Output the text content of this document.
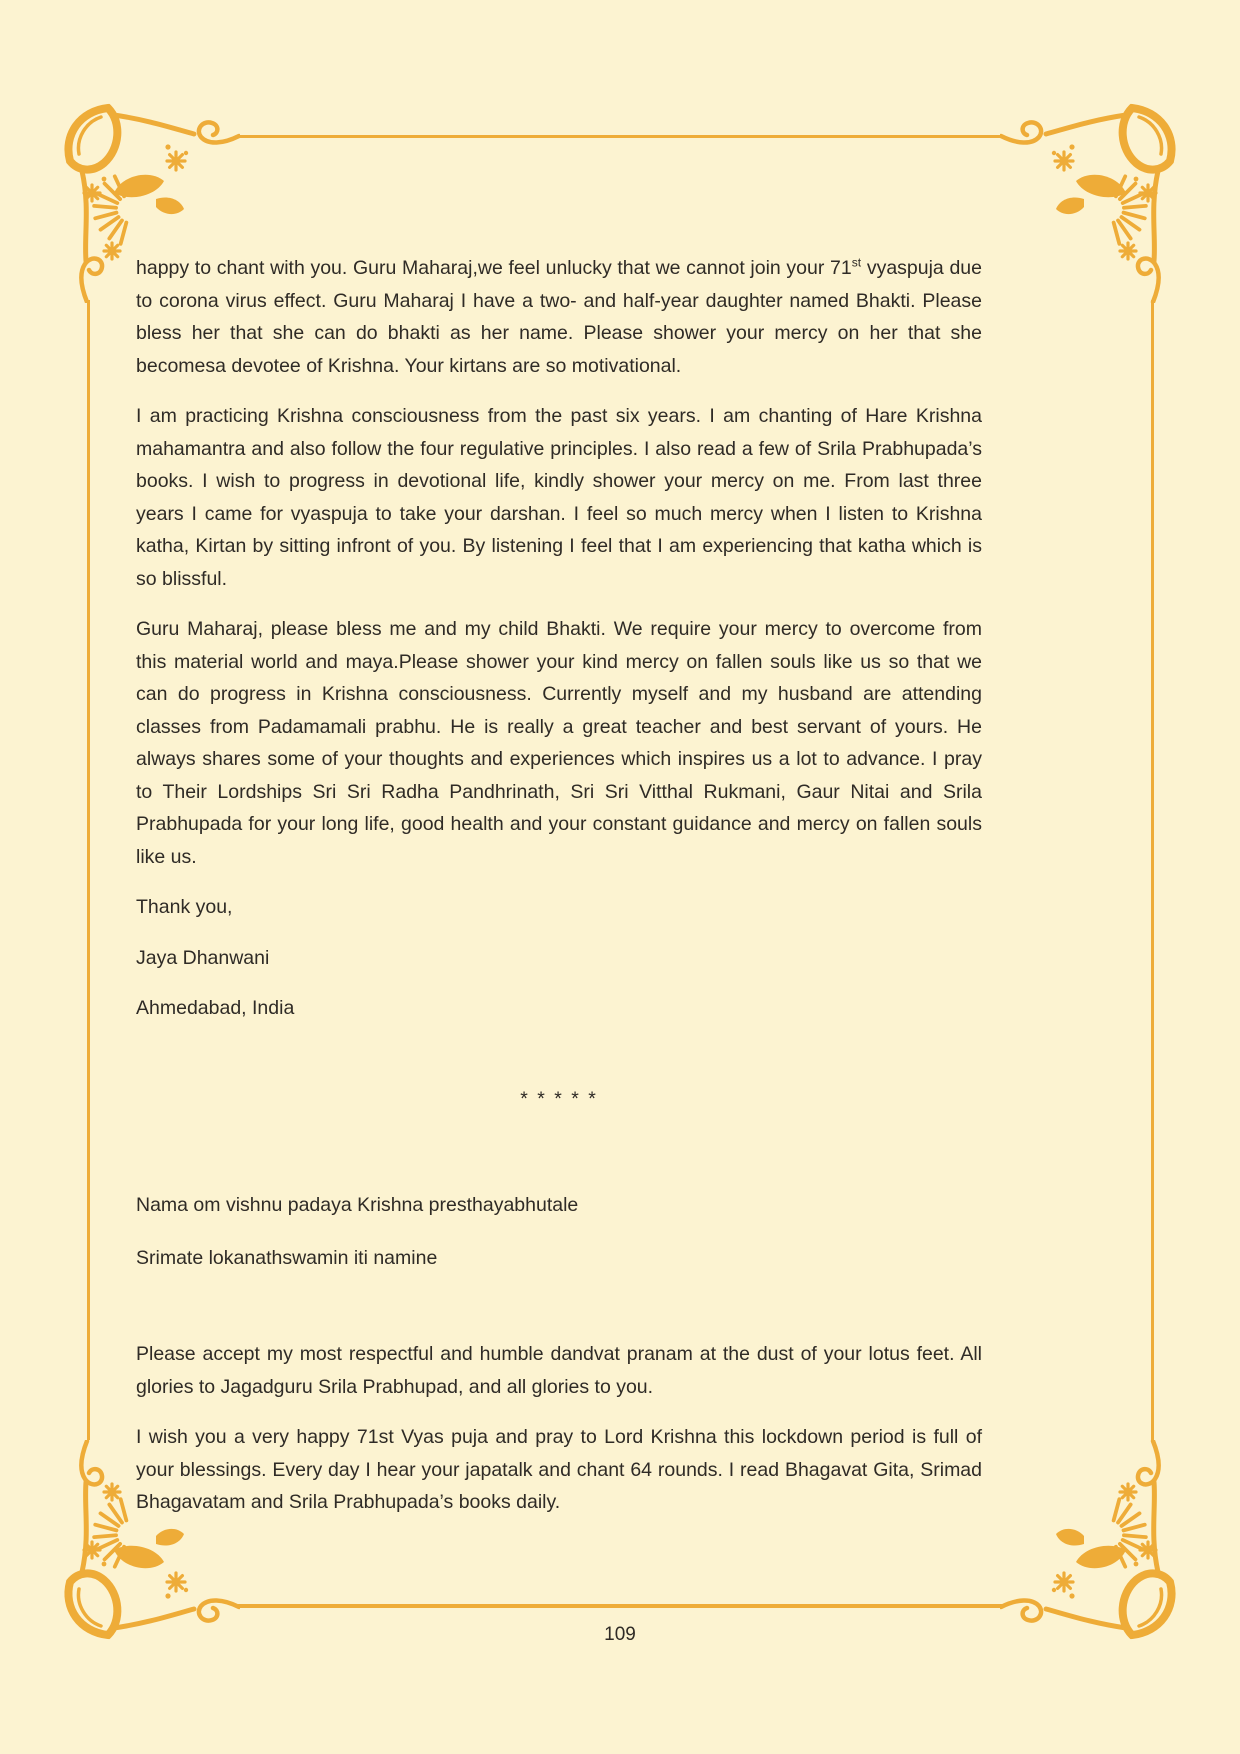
happy to chant with you. Guru Maharaj,we feel unlucky that we cannot join your 71st vyaspuja due to corona virus effect. Guru Maharaj I have a two- and half-year daughter named Bhakti. Please bless her that she can do bhakti as her name. Please shower your mercy on her that she becomesa devotee of Krishna. Your kirtans are so motivational.

I am practicing Krishna consciousness from the past six years. I am chanting of Hare Krishna mahamantra and also follow the four regulative principles. I also read a few of Srila Prabhupada’s books. I wish to progress in devotional life, kindly shower your mercy on me. From last three years I came for vyaspuja to take your darshan. I feel so much mercy when I listen to Krishna katha, Kirtan by sitting infront of you. By listening I feel that I am experiencing that katha which is so blissful.

Guru Maharaj, please bless me and my child Bhakti. We require your mercy to overcome from this material world and maya.Please shower your kind mercy on fallen souls like us so that we can do progress in Krishna consciousness. Currently myself and my husband are attending classes from Padamamali prabhu. He is really a great teacher and best servant of yours. He always shares some of your thoughts and experiences which inspires us a lot to advance. I pray to Their Lordships Sri Sri Radha Pandhrinath, Sri Sri Vitthal Rukmani, Gaur Nitai and Srila Prabhupada for your long life, good health and your constant guidance and mercy on fallen souls like us.

Thank you,

Jaya Dhanwani

Ahmedabad, India

* * * * *

Nama om vishnu padaya Krishna presthayabhutale

Srimate lokanathswamin iti namine

Please accept my most respectful and humble dandvat pranam at the dust of your lotus feet. All glories to Jagadguru Srila Prabhupad, and all glories to you.

I wish you a very happy 71st Vyas puja and pray to Lord Krishna this lockdown period is full of your blessings. Every day I hear your japatalk and chant 64 rounds. I read Bhagavat Gita, Srimad Bhagavatam and Srila Prabhupada’s books daily.

109
